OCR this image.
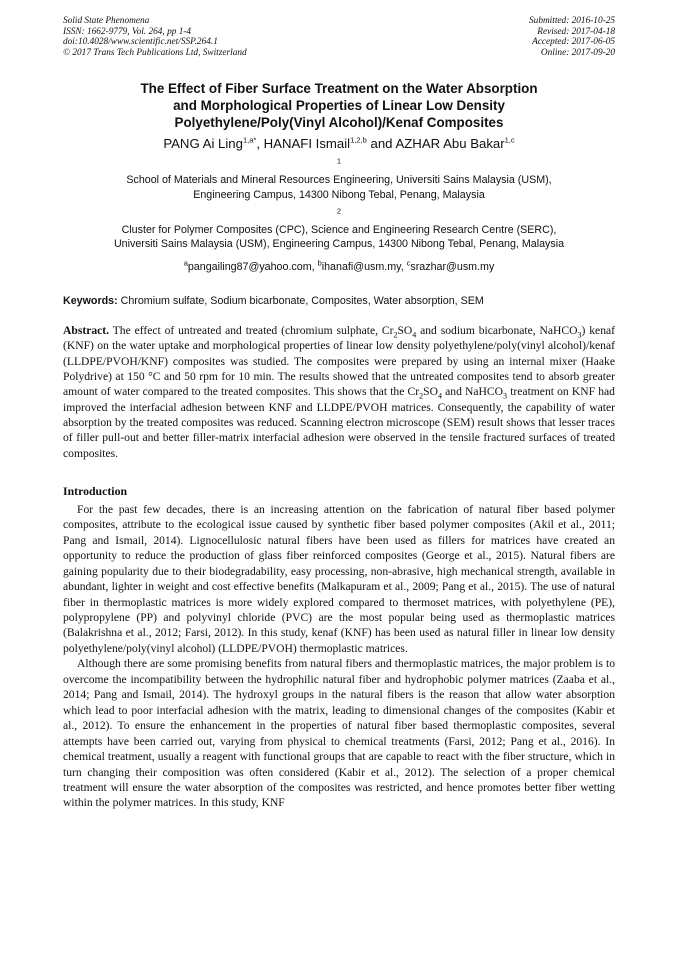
Solid State Phenomena
ISSN: 1662-9779, Vol. 264, pp 1-4
doi:10.4028/www.scientific.net/SSP.264.1
© 2017 Trans Tech Publications Ltd, Switzerland
Submitted: 2016-10-25
Revised: 2017-04-18
Accepted: 2017-06-05
Online: 2017-09-20
The Effect of Fiber Surface Treatment on the Water Absorption
and Morphological Properties of Linear Low Density
Polyethylene/Poly(Vinyl Alcohol)/Kenaf Composites
PANG Ai Ling$^{1,a*}$, HANAFI Ismail$^{1,2,b}$ and AZHAR Abu Bakar$^{1,c}$
$^1$
School of Materials and Mineral Resources Engineering, Universiti Sains Malaysia (USM),
Engineering Campus, 14300 Nibong Tebal, Penang, Malaysia
$^2$
Cluster for Polymer Composites (CPC), Science and Engineering Research Centre (SERC),
Universiti Sains Malaysia (USM), Engineering Campus, 14300 Nibong Tebal, Penang, Malaysia
$^a$pangailing87@yahoo.com, $^b$ihanafi@usm.my, $^c$srazhar@usm.my
Keywords: Chromium sulfate, Sodium bicarbonate, Composites, Water absorption, SEM
Abstract. The effect of untreated and treated (chromium sulphate, $Cr_2SO_4$ and sodium bicarbonate, NaHCO$_3$) kenaf (KNF) on the water uptake and morphological properties of linear low density polyethylene/poly(vinyl alcohol)/kenaf (LLDPE/PVOH/KNF) composites was studied. The composites were prepared by using an internal mixer (Haake Polydrive) at 150 °C and 50 rpm for 10 min. The results showed that the untreated composites tend to absorb greater amount of water compared to the treated composites. This shows that the $Cr_2SO_4$ and NaHCO$_3$ treatment on KNF had improved the interfacial adhesion between KNF and LLDPE/PVOH matrices. Consequently, the capability of water absorption by the treated composites was reduced. Scanning electron microscope (SEM) result shows that lesser traces of filler pull-out and better filler-matrix interfacial adhesion were observed in the tensile fractured surfaces of treated composites.
Introduction

For the past few decades, there is an increasing attention on the fabrication of natural fiber based polymer composites, attribute to the ecological issue caused by synthetic fiber based polymer composites (Akil et al., 2011; Pang and Ismail, 2014). Lignocellulosic natural fibers have been used as fillers for matrices have created an opportunity to reduce the production of glass fiber reinforced composites (George et al., 2015). Natural fibers are gaining popularity due to their biodegradability, easy processing, non-abrasive, high mechanical strength, available in abundant, lighter in weight and cost effective benefits (Malkapuram et al., 2009; Pang et al., 2015). The use of natural fiber in thermoplastic matrices is more widely explored compared to thermoset matrices, with polyethylene (PE), polypropylene (PP) and polyvinyl chloride (PVC) are the most popular being used as thermoplastic matrices (Balakrishna et al., 2012; Farsi, 2012). In this study, kenaf (KNF) has been used as natural filler in linear low density polyethylene/poly(vinyl alcohol) (LLDPE/PVOH) thermoplastic matrices.

Although there are some promising benefits from natural fibers and thermoplastic matrices, the major problem is to overcome the incompatibility between the hydrophilic natural fiber and hydrophobic polymer matrices (Zaaba et al., 2014; Pang and Ismail, 2014). The hydroxyl groups in the natural fibers is the reason that allow water absorption which lead to poor interfacial adhesion with the matrix, leading to dimensional changes of the composites (Kabir et al., 2012). To ensure the enhancement in the properties of natural fiber based thermoplastic composites, several attempts have been carried out, varying from physical to chemical treatments (Farsi, 2012; Pang et al., 2016). In chemical treatment, usually a reagent with functional groups that are capable to react with the fiber structure, which in turn changing their composition was often considered (Kabir et al., 2012). The selection of a proper chemical treatment will ensure the water absorption of the composites was restricted, and hence promotes better fiber wetting within the polymer matrices. In this study, KNF
